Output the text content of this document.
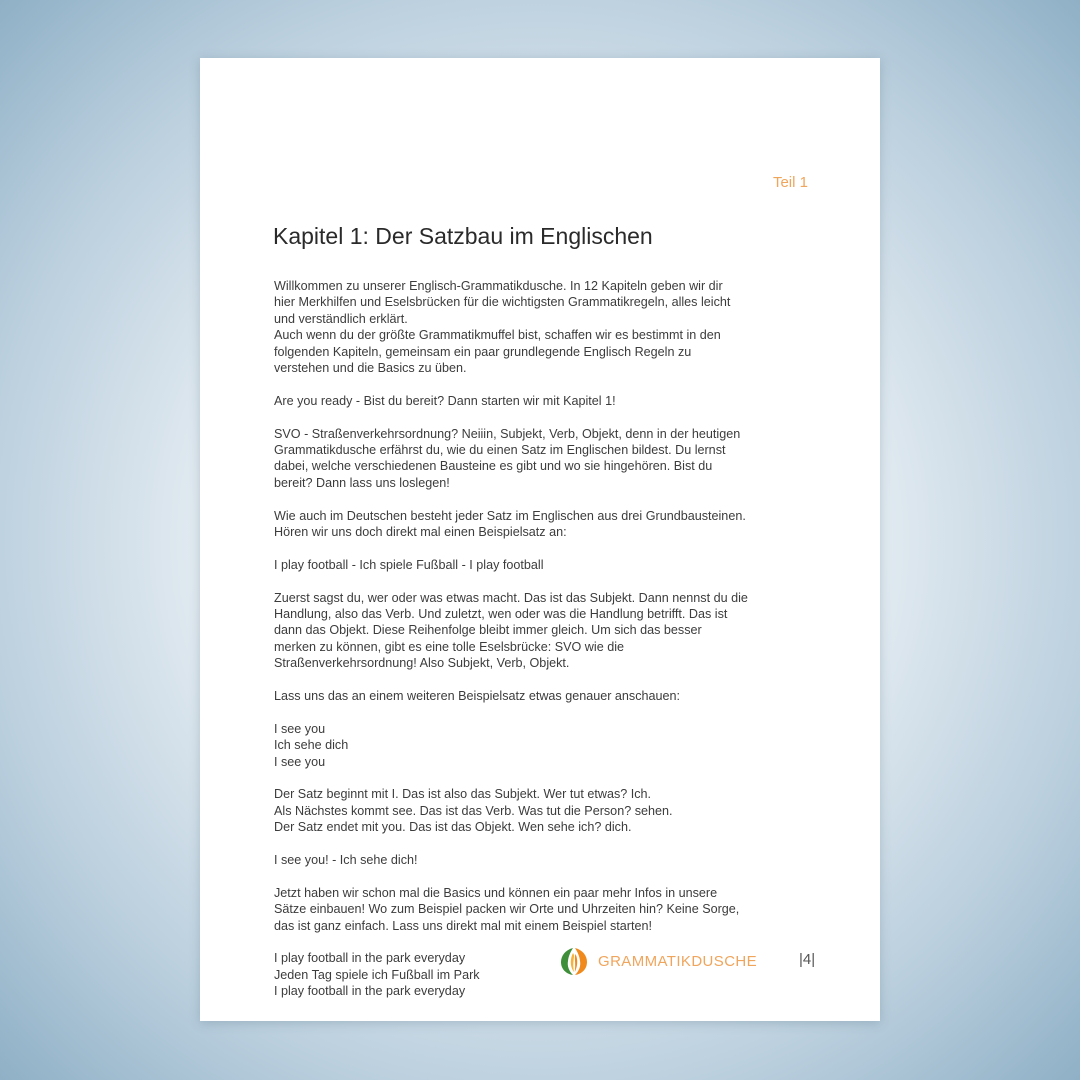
Teil 1
Kapitel 1: Der Satzbau im Englischen

Willkommen zu unserer Englisch-Grammatikdusche. In 12 Kapiteln geben wir dir
hier Merkhilfen und Eselsbrücken für die wichtigsten Grammatikregeln, alles leicht
und verständlich erklärt.
Auch wenn du der größte Grammatikmuffel bist, schaffen wir es bestimmt in den
folgenden Kapiteln, gemeinsam ein paar grundlegende Englisch Regeln zu
verstehen und die Basics zu üben.

Are you ready - Bist du bereit? Dann starten wir mit Kapitel 1!

SVO - Straßenverkehrsordnung? Neiiin, Subjekt, Verb, Objekt, denn in der heutigen
Grammatikdusche erfährst du, wie du einen Satz im Englischen bildest. Du lernst
dabei, welche verschiedenen Bausteine es gibt und wo sie hingehören. Bist du
bereit? Dann lass uns loslegen!

Wie auch im Deutschen besteht jeder Satz im Englischen aus drei Grundbausteinen.
Hören wir uns doch direkt mal einen Beispielsatz an:

I play football - Ich spiele Fußball - I play football

Zuerst sagst du, wer oder was etwas macht. Das ist das Subjekt. Dann nennst du die
Handlung, also das Verb. Und zuletzt, wen oder was die Handlung betrifft. Das ist
dann das Objekt. Diese Reihenfolge bleibt immer gleich. Um sich das besser
merken zu können, gibt es eine tolle Eselsbrücke: SVO wie die
Straßenverkehrsordnung! Also Subjekt, Verb, Objekt.

Lass uns das an einem weiteren Beispielsatz etwas genauer anschauen:

I see you
Ich sehe dich
I see you

Der Satz beginnt mit I. Das ist also das Subjekt. Wer tut etwas? Ich.
Als Nächstes kommt see. Das ist das Verb. Was tut die Person? sehen.
Der Satz endet mit you. Das ist das Objekt. Wen sehe ich? dich.

I see you! - Ich sehe dich!

Jetzt haben wir schon mal die Basics und können ein paar mehr Infos in unsere
Sätze einbauen! Wo zum Beispiel packen wir Orte und Uhrzeiten hin? Keine Sorge,
das ist ganz einfach. Lass uns direkt mal mit einem Beispiel starten!

I play football in the park everyday
Jeden Tag spiele ich Fußball im Park
I play football in the park everyday

GRAMMATIKDUSCHE	|4|
